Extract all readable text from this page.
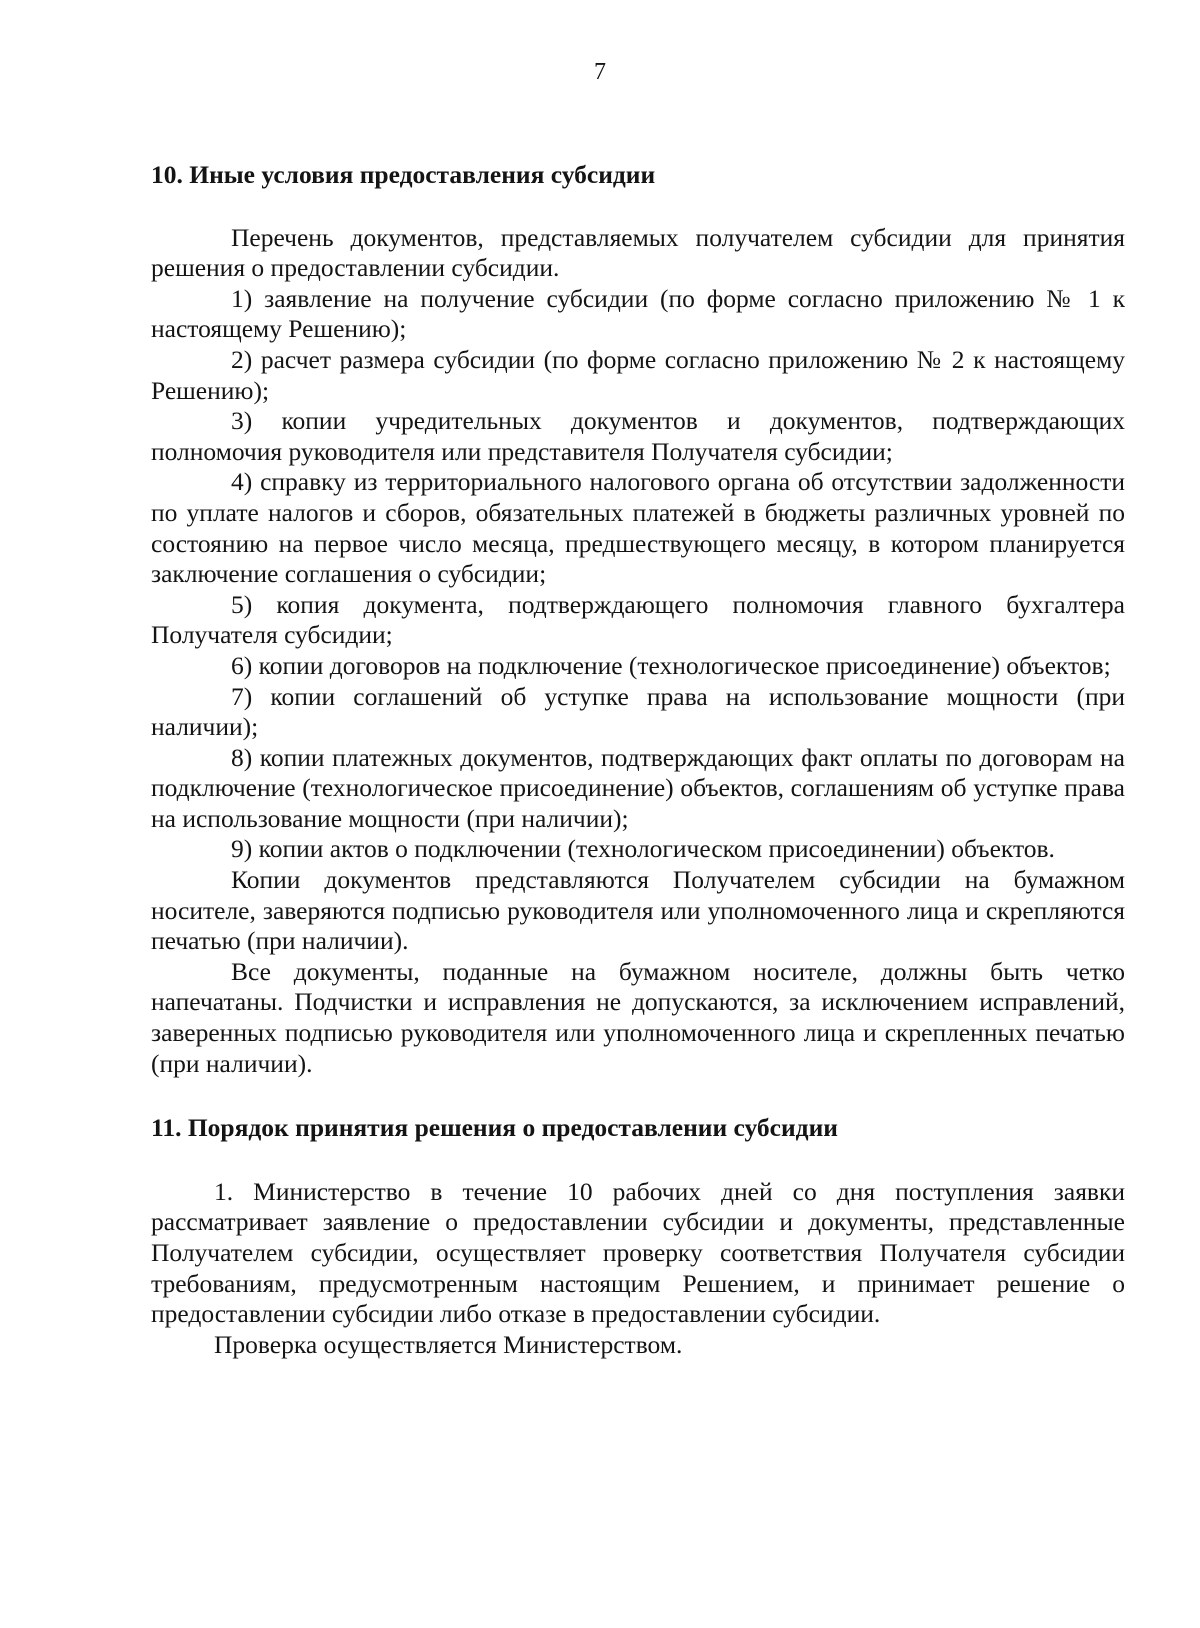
7
10. Иные условия предоставления субсидии

Перечень документов, представляемых получателем субсидии для принятия решения о предоставлении субсидии.

1) заявление на получение субсидии (по форме согласно приложению № 1 к настоящему Решению);

2) расчет размера субсидии (по форме согласно приложению № 2 к настоящему Решению);

3) копии учредительных документов и документов, подтверждающих полномочия руководителя или представителя Получателя субсидии;

4) справку из территориального налогового органа об отсутствии задолженности по уплате налогов и сборов, обязательных платежей в бюджеты различных уровней по состоянию на первое число месяца, предшествующего месяцу, в котором планируется заключение соглашения о субсидии;

5) копия документа, подтверждающего полномочия главного бухгалтера Получателя субсидии;

6) копии договоров на подключение (технологическое присоединение) объектов;

7) копии соглашений об уступке права на использование мощности (при наличии);

8) копии платежных документов, подтверждающих факт оплаты по договорам на подключение (технологическое присоединение) объектов, соглашениям об уступке права на использование мощности (при наличии);

9) копии актов о подключении (технологическом присоединении) объектов.

Копии документов представляются Получателем субсидии на бумажном носителе, заверяются подписью руководителя или уполномоченного лица и скрепляются печатью (при наличии).

Все документы, поданные на бумажном носителе, должны быть четко напечатаны. Подчистки и исправления не допускаются, за исключением исправлений, заверенных подписью руководителя или уполномоченного лица и скрепленных печатью (при наличии).

11. Порядок принятия решения о предоставлении субсидии

1. Министерство в течение 10 рабочих дней со дня поступления заявки рассматривает заявление о предоставлении субсидии и документы, представленные Получателем субсидии, осуществляет проверку соответствия Получателя субсидии требованиям, предусмотренным настоящим Решением, и принимает решение о предоставлении субсидии либо отказе в предоставлении субсидии.

Проверка осуществляется Министерством.
